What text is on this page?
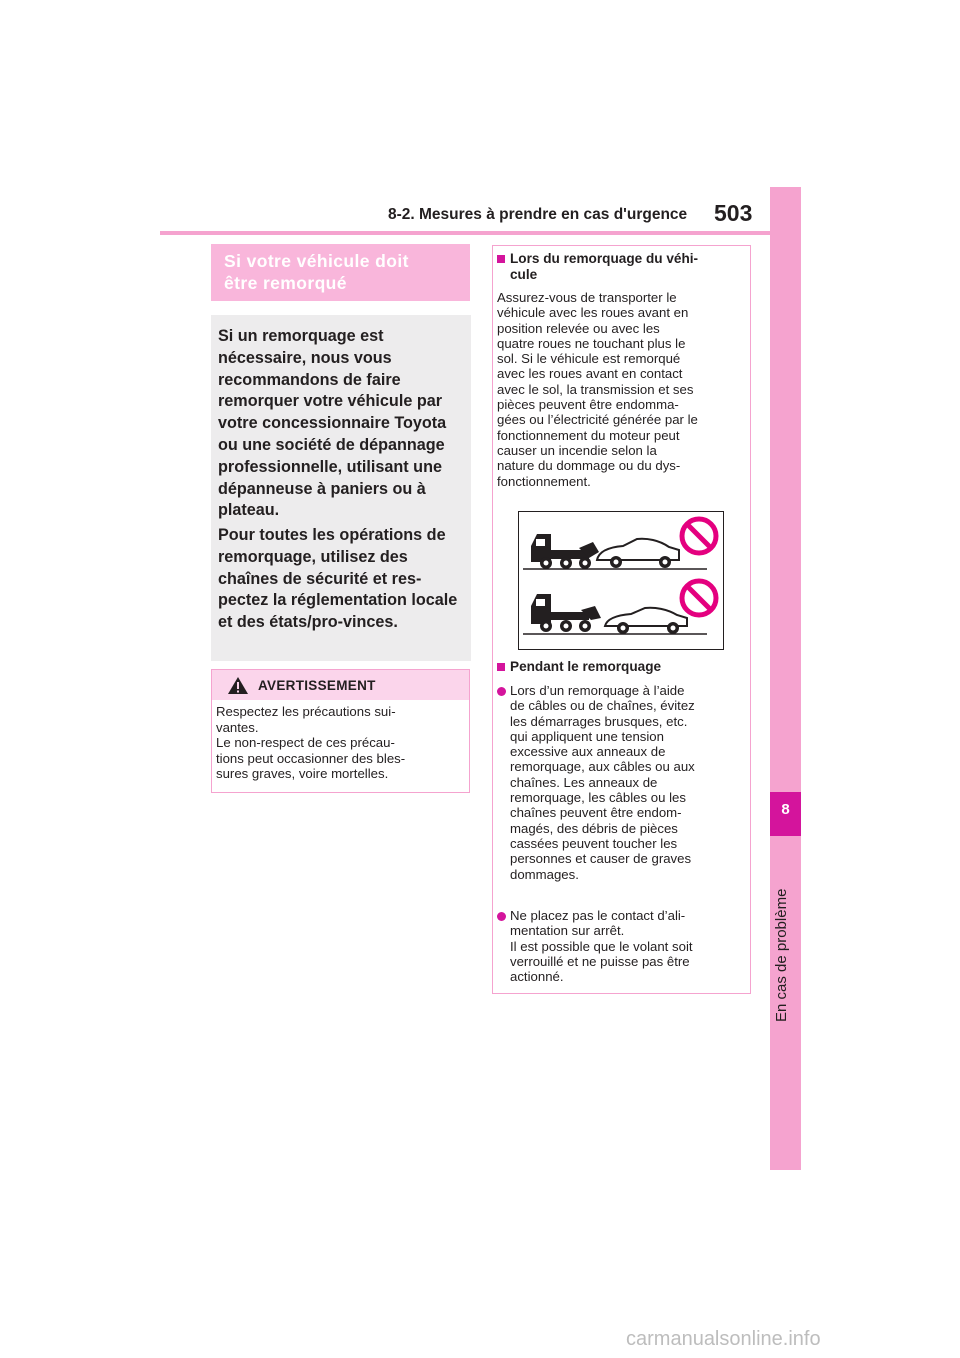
8-2. Mesures à prendre en cas d'urgence 503
8
En cas de problème
Si votre véhicule doit
être remorqué

Si un remorquage est nécessaire, nous vous recommandons de faire remorquer votre véhicule par votre concessionnaire Toyota ou une société de dépannage professionnelle, utilisant une dépanneuse à paniers ou à plateau.

Pour toutes les opérations de remorquage, utilisez des chaînes de sécurité et res-pectez la réglementation locale et des états/pro-vinces.

AVERTISSEMENT
Respectez les précautions sui-
vantes.
Le non-respect de ces précau-
tions peut occasionner des bles-
sures graves, voire mortelles.
Lors du remorquage du véhi-
cule
Assurez-vous de transporter le
véhicule avec les roues avant en
position relevée ou avec les
quatre roues ne touchant plus le
sol. Si le véhicule est remorqué
avec les roues avant en contact
avec le sol, la transmission et ses
pièces peuvent être endomma-
gées ou l’électricité générée par le
fonctionnement du moteur peut
causer un incendie selon la
nature du dommage ou du dys-
fonctionnement.
Pendant le remorquage
Lors d’un remorquage à l’aide
de câbles ou de chaînes, évitez
les démarrages brusques, etc.
qui appliquent une tension
excessive aux anneaux de
remorquage, aux câbles ou aux
chaînes. Les anneaux de
remorquage, les câbles ou les
chaînes peuvent être endom-
magés, des débris de pièces
cassées peuvent toucher les
personnes et causer de graves
dommages.
Ne placez pas le contact d’ali-
mentation sur arrêt.
Il est possible que le volant soit
verrouillé et ne puisse pas être
actionné.
carmanualsonline.info
